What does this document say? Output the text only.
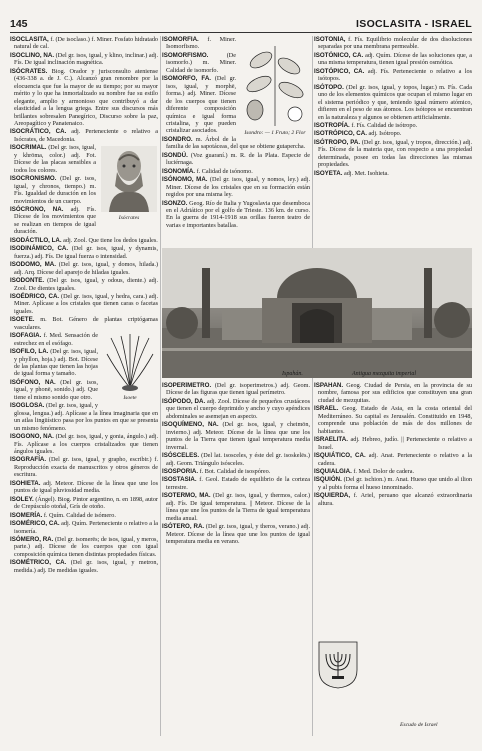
145	ISOCLASITA - ISRAEL

ISOCLASITA, f. (De isoclaso.) f. Miner. Fosfato hidratado natural de cal.

ISOCLINO, NA. (Del gr. isos, igual, y klino, inclinar.) adj. Fís. De igual inclinación magnética.

ISÓCRATES. Biog. Orador y jurisconsulto ateniense (436-338 a. de J. C.). Alcanzó gran renombre por la elocuencia que fue la mayor de su tiempo; por su mayor mérito y lo que ha inmortalizado su nombre fue su estilo elegante, amplio y armonioso que contribuyó a dar elasticidad a la lengua griega. Entre sus discursos más brillantes sobresalen Panegírico, Discurso sobre la paz, Areopagítico y Panatenaico.

ISOCRÁTICO, CA. adj. Perteneciente o relativo a Isócrates, de Macedonia.

Isócrates

ISOCRIMAL. (Del gr. isos, igual, y khrōma, color.) adj. Fot. Dícese de las placas sensibles a todos los colores.

ISOCRONISMO. (Del gr. isos, igual, y chronos, tiempo.) m. Fís. Igualdad de duración en los movimientos de un cuerpo.

ISÓCRONO, NA. adj. Fís. Dícese de los movimientos que se realizan en tiempos de igual duración.

ISODÁCTILO, LA. adj. Zool. Que tiene los dedos iguales.

ISODINÁMICO, CA. (Del gr. isos, igual, y dynamis, fuerza.) adj. Fís. De igual fuerza o intensidad.

ISODOMO, MA. (Del gr. isos, igual, y domos, hilada.) adj. Arq. Dícese del aparejo de hiladas iguales.

ISODONTE. (Del gr. isos, igual, y odous, diente.) adj. Zool. De dientes iguales.

ISOÉDRICO, CA. (Del gr. isos, igual, y hedra, cara.) adj. Miner. Aplícase a los cristales que tienen caras o facetas iguales.

ISOETE. m. Bot. Género de plantas criptógamas vasculares.

Isoete

ISOFAGIA. f. Med. Sensación de estrechez en el esófago.

ISOFILO, LA. (Del gr. isos, igual, y phyllon, hoja.) adj. Bot. Dícese de las plantas que tienen las hojas de igual forma y tamaño.

ISÓFONO, NA. (Del gr. isos, igual, y phonē, sonido.) adj. Que tiene el mismo sonido que otro.

ISOGLOSA. (Del gr. isos, igual, y glossa, lengua.) adj. Aplícase a la línea imaginaria que en un atlas lingüístico pasa por los puntos en que se presenta un mismo fenómeno.

ISOGONO, NA. (Del gr. isos, igual, y gonia, ángulo.) adj. Fís. Aplícase a los cuerpos cristalizados que tienen ángulos iguales.

ISOGRAFÍA. (Del gr. isos, igual, y grapho, escribir.) f. Reproducción exacta de manuscritos y otros géneros de escritura.

ISOHIETA. adj. Meteor. Dícese de la línea que une los puntos de igual pluviosidad media.

ISOLEY. (Ángel). Biog. Pintor argentino, n. en 1898, autor de Crepúsculo otoñal, Grís de otoño.

ISOMERÍA. f. Quím. Calidad de isómero.

ISOMÉRICO, CA. adj. Quím. Perteneciente o relativo a la isomería.

ISÓMERO, RA. (Del gr. isomerēs; de isos, igual, y meros, parte.) adj. Dícese de los cuerpos que con igual composición química tienen distintas propiedades físicas.

ISOMÉTRICO, CA. (Del gr. isos, igual, y metron, medida.) adj. De medidas iguales.

Isondro: — 1 Fruto; 2 Flor

ISOMORFIA. f. Miner. Isomorfismo.

ISOMORFISMO.	(De isomorfo.) m. Miner. Calidad de isomorfo.

ISOMORFO, FA. (Del gr. isos, igual, y morphē, forma.) adj. Miner. Dícese de los cuerpos que tienen diferente composición química e igual forma cristalina, y que pueden cristalizar asociados.

ISONDRO. m. Árbol de la familia de las sapotáceas, del que se obtiene gutapercha.

ISONDÚ. (Voz guaraní.) m. R. de la Plata. Especie de luciérnaga.

ISONOMÍA. f. Calidad de isónomo.

ISÓNOMO, MA. (Del gr. isos, igual, y nomos, ley.) adj. Miner. Dícese de los cristales que en su formación están regidos por una misma ley.

ISONZO. Geog. Río de Italia y Yugoslavia que desemboca en el Adriático por el golfo de Trieste. 136 km. de curso. En la guerra de 1914-1918 sus orillas fueron teatro de varias e importantes batallas.

Ispahán.	Antigua mezquita imperial

ISOPERÍMETRO. (Del gr. isoperimetros.) adj. Geom. Dícese de las figuras que tienen igual perímetro.

ISÓPODO, DA. adj. Zool. Dícese de pequeños crustáceos que tienen el cuerpo deprimido y ancho y cuyo apéndices abdominales se asemejan en aspecto.

ISOQUÍMENO, NA. (Del gr. isos, igual, y cheimōn, invierno.) adj. Meteor. Dícese de la línea que une los puntos de la Tierra que tienen igual temperatura media invernal.

ISÓSCELES. (Del lat. isosceles, y éste del gr. isoskelēs.) adj. Geom. Triángulo isósceles.

ISOSPORIA. f. Bot. Calidad de isospóreo.

ISOSTASIA. f. Geol. Estado de equilibrio de la corteza terrestre.

ISOTERMO, MA. (Del gr. isos, igual, y thermos, calor.) adj. Fís. De igual temperatura. || Meteor. Dícese de la línea que une los puntos de la Tierra de igual temperatura media anual.

ISÓTERO, RA. (Del gr. isos, igual, y theros, verano.) adj. Meteor. Dícese de la línea que une los puntos de igual temperatura media en verano.

ISOTONÍA, f. Fís. Equilibrio molecular de dos disoluciones separadas por una membrana permeable.

ISOTÓNICO, CA. adj. Quím. Dícese de las soluciones que, a una misma temperatura, tienen igual presión osmótica.

ISOTÓPICO, CA. adj. Fís. Perteneciente o relativo a los isótopos.

ISÓTOPO. (Del gr. isos, igual, y topos, lugar.) m. Fís. Cada uno de los elementos químicos que ocupan el mismo lugar en el sistema periódico y que, teniendo igual número atómico, difieren en el peso de sus átomos. Los isótopos se encuentran en la naturaleza y algunos se obtienen artificialmente.

ISOTROPÍA. f. Fís. Calidad de isótropo.

ISOTRÓPICO, CA. adj. Isótropo.

ISÓTROPO, PA. (Del gr. isos, igual, y tropos, dirección.) adj. Fís. Dícese de la materia que, con respecto a una propiedad determinada, posee en todas las direcciones las mismas propiedades.

ISOYETA. adj. Met. Isohieta.

ISPAHÁN. Geog. Ciudad de Persia, en la provincia de su nombre, famosa por sus edificios que constituyen una gran ciudad de mezquitas.

ISRAEL. Geog. Estado de Asia, en la costa oriental del Mediterráneo. Su capital es Jerusalén. Constituido en 1948, comprende una población de más de dos millones de habitantes.

ISRAELITA. adj. Hebreo, judío. || Perteneciente o relativo a Israel.

ISQUIÁTICO, CA. adj. Anat. Perteneciente o relativo a la cadera.

ISQUIALGIA. f. Med. Dolor de cadera.

ISQUIÓN. (Del gr. ischion.) m. Anat. Hueso que unido al ilion y al pubis forma el hueso innominado.

ISQUIERDA, f. Ariel, peruano que alcanzó extraordinaria altura.

Escudo de Israel
